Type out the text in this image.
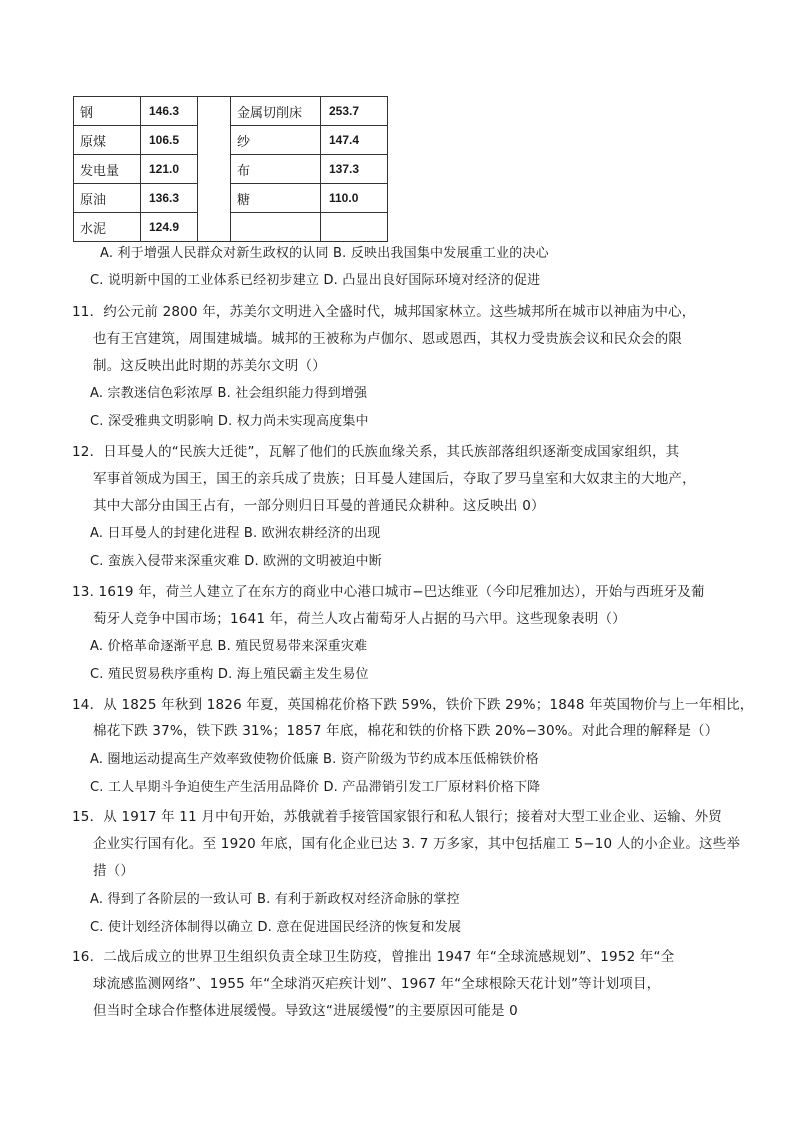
钢	146.3		金属切削床	253.7
原煤	106.5		纱	147.4
发电量	121.0		布	137.3
原油	136.3		糖	110.0
水泥	124.9			
A. 利于增强人民群众对新生政权的认同 B. 反映出我国集中发展重工业的决心
C. 说明新中国的工业体系已经初步建立 D. 凸显出良好国际环境对经济的促进
11．约公元前 2800 年，苏美尔文明进入全盛时代，城邦国家林立。这些城邦所在城市以神庙为中心，
也有王宫建筑，周围建城墙。城邦的王被称为卢伽尔、恩或恩西，其权力受贵族会议和民众会的限
制。这反映出此时期的苏美尔文明（）
A. 宗教迷信色彩浓厚 B. 社会组织能力得到增强
C. 深受雅典文明影响 D. 权力尚未实现高度集中
12．日耳曼人的“民族大迁徙”，瓦解了他们的氏族血缘关系，其氏族部落组织逐渐变成国家组织，其
军事首领成为国王，国王的亲兵成了贵族；日耳曼人建国后，夺取了罗马皇室和大奴隶主的大地产，
其中大部分由国王占有，一部分则归日耳曼的普通民众耕种。这反映出 0）
A. 日耳曼人的封建化进程 B. 欧洲农耕经济的出现
C. 蛮族入侵带来深重灾难 D. 欧洲的文明被迫中断
13. 1619 年，荷兰人建立了在东方的商业中心港口城市−巴达维亚（今印尼雅加达），开始与西班牙及葡
萄牙人竞争中国市场；1641 年，荷兰人攻占葡萄牙人占据的马六甲。这些现象表明（）
A. 价格革命逐渐平息 B. 殖民贸易带来深重灾难
C. 殖民贸易秩序重构 D. 海上殖民霸主发生易位
14．从 1825 年秋到 1826 年夏，英国棉花价格下跌 59%，铁价下跌 29%；1848 年英国物价与上一年相比，
棉花下跌 37%，铁下跌 31%；1857 年底，棉花和铁的价格下跌 20%−30%。对此合理的解释是（）
A. 圈地运动提高生产效率致使物价低廉 B. 资产阶级为节约成本压低棉铁价格
C. 工人早期斗争迫使生产生活用品降价 D. 产品滞销引发工厂原材料价格下降
15．从 1917 年 11 月中旬开始，苏俄就着手接管国家银行和私人银行；接着对大型工业企业、运输、外贸
企业实行国有化。至 1920 年底，国有化企业已达 3. 7 万多家，其中包括雇工 5−10 人的小企业。这些举
措（）
A. 得到了各阶层的一致认可 B. 有利于新政权对经济命脉的掌控
C. 使计划经济体制得以确立 D. 意在促进国民经济的恢复和发展
16．二战后成立的世界卫生组织负责全球卫生防疫，曾推出 1947 年“全球流感规划”、1952 年“全
球流感监测网络”、1955 年“全球消灭疟疾计划”、1967 年“全球根除天花计划”等计划项目，
但当时全球合作整体进展缓慢。导致这“进展缓慢”的主要原因可能是 0
